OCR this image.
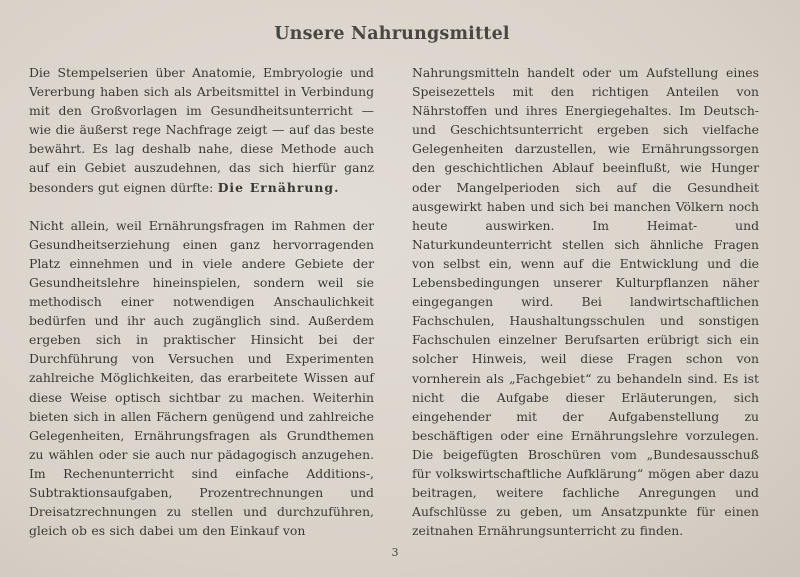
Unsere Nahrungsmittel

Die Stempelserien über Anatomie, Embryologie und Vererbung haben sich als Arbeitsmittel in Verbindung mit den Großvorlagen im Gesundheitsunterricht — wie die äußerst rege Nachfrage zeigt — auf das beste bewährt. Es lag deshalb nahe, diese Methode auch auf ein Gebiet auszudehnen, das sich hierfür ganz besonders gut eignen dürfte: Die Ernährung.

Nicht allein, weil Ernährungsfragen im Rahmen der Gesundheitserziehung einen ganz hervorragenden Platz einnehmen und in viele andere Gebiete der Gesundheitslehre hineinspielen, sondern weil sie methodisch einer notwendigen Anschaulichkeit bedürfen und ihr auch zugänglich sind. Außerdem ergeben sich in praktischer Hinsicht bei der Durchführung von Versuchen und Experimenten zahlreiche Möglichkeiten, das erarbeitete Wissen auf diese Weise optisch sichtbar zu machen. Weiterhin bieten sich in allen Fächern genügend und zahlreiche Gelegenheiten, Ernährungsfragen als Grundthemen zu wählen oder sie auch nur pädagogisch anzugehen. Im Rechenunterricht sind einfache Additions-, Subtraktionsaufgaben, Prozentrechnungen und Dreisatzrechnungen zu stellen und durchzuführen, gleich ob es sich dabei um den Einkauf von

Nahrungsmitteln handelt oder um Aufstellung eines Speisezettels mit den richtigen Anteilen von Nährstoffen und ihres Energiegehaltes. Im Deutsch- und Geschichtsunterricht ergeben sich vielfache Gelegenheiten darzustellen, wie Ernährungssorgen den geschichtlichen Ablauf beeinflußt, wie Hunger oder Mangelperioden sich auf die Gesundheit ausgewirkt haben und sich bei manchen Völkern noch heute auswirken. Im Heimat- und Naturkundeunterricht stellen sich ähnliche Fragen von selbst ein, wenn auf die Entwicklung und die Lebensbedingungen unserer Kulturpflanzen näher eingegangen wird. Bei landwirtschaftlichen Fachschulen, Haushaltungsschulen und sonstigen Fachschulen einzelner Berufsarten erübrigt sich ein solcher Hinweis, weil diese Fragen schon von vornherein als „Fachgebiet“ zu behandeln sind. Es ist nicht die Aufgabe dieser Erläuterungen, sich eingehender mit der Aufgabenstellung zu beschäftigen oder eine Ernährungslehre vorzulegen. Die beigefügten Broschüren vom „Bundesausschuß für volkswirtschaftliche Aufklärung“ mögen aber dazu beitragen, weitere fachliche Anregungen und Aufschlüsse zu geben, um Ansatzpunkte für einen zeitnahen Ernährungsunterricht zu finden.

3
